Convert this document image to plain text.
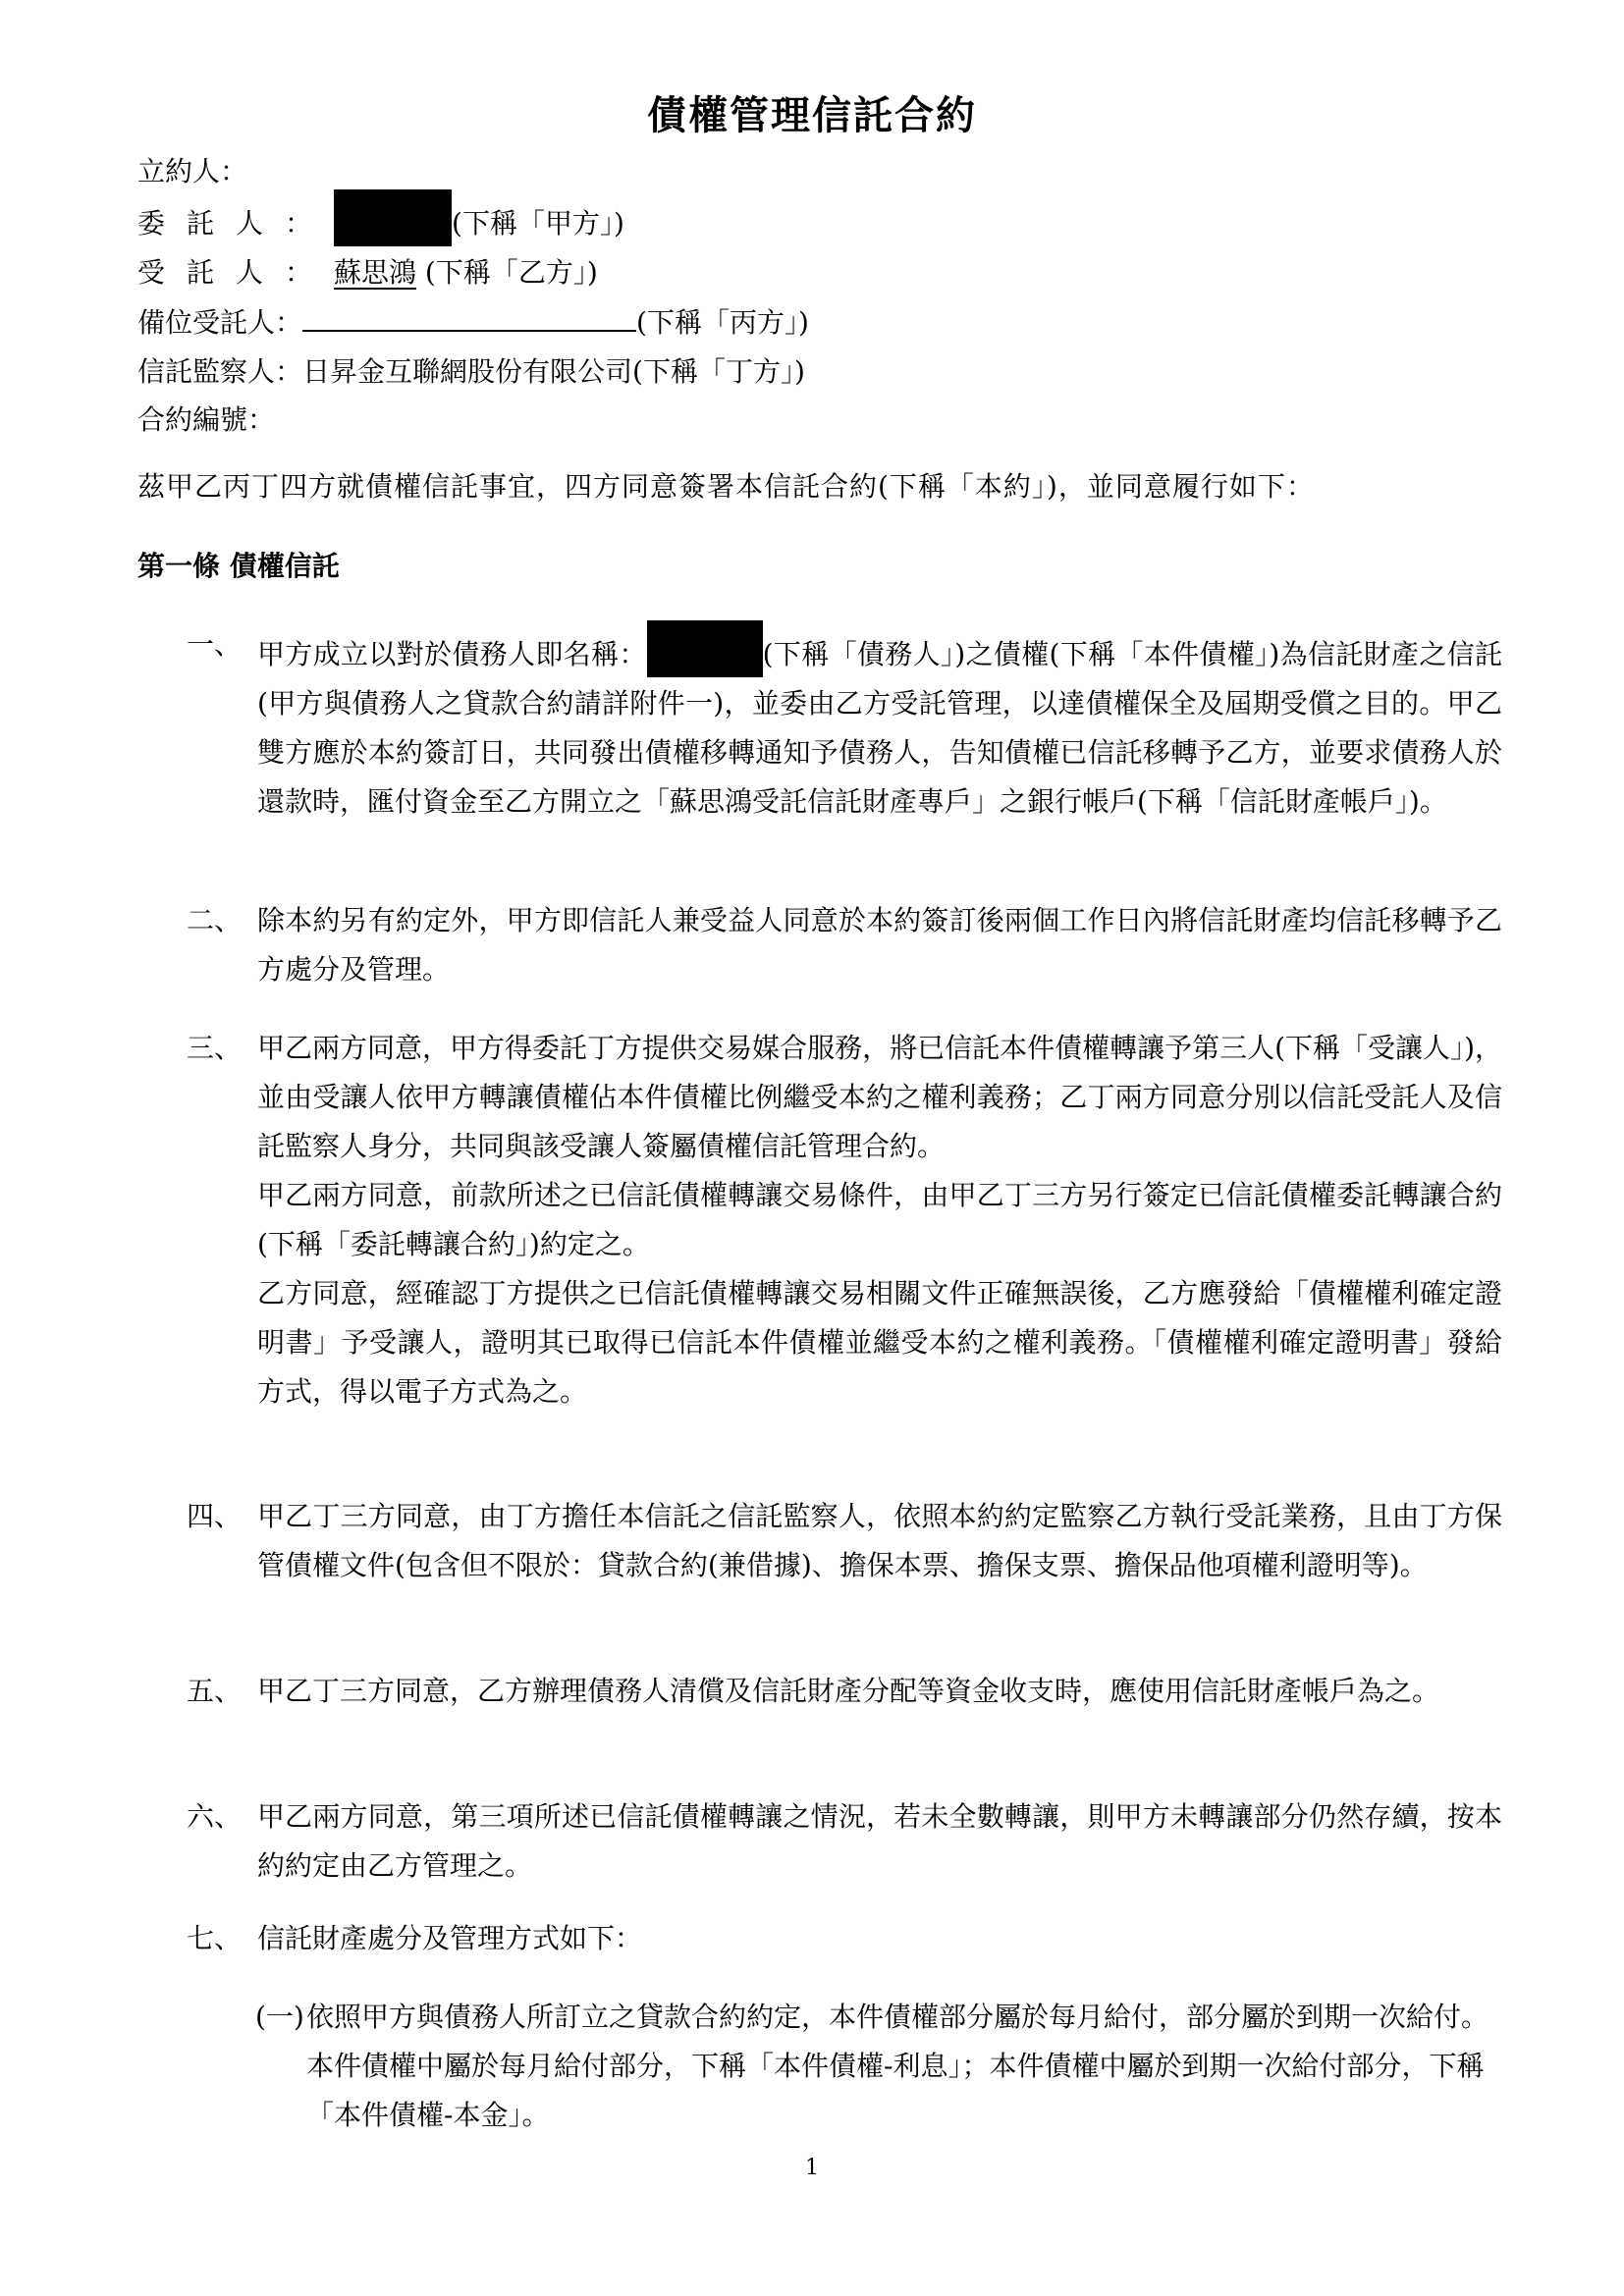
債權管理信託合約
立約人：
委託人：	(下稱「甲方」)
受託人：蘇思鴻 (下稱「乙方」)
備位受託人：	(下稱「丙方」)
信託監察人：日昇金互聯網股份有限公司(下稱「丁方」)
合約編號：
茲甲乙丙丁四方就債權信託事宜，四方同意簽署本信託合約(下稱「本約」)，並同意履行如下：
第一條 債權信託
一、 甲方成立以對於債務人即名稱：	(下稱「債務人」)之債權(下稱「本件債權」)為信託財產之信託(甲方與債務人之貸款合約請詳附件一)，並委由乙方受託管理，以達債權保全及屆期受償之目的。甲乙雙方應於本約簽訂日，共同發出債權移轉通知予債務人，告知債權已信託移轉予乙方，並要求債務人於還款時，匯付資金至乙方開立之「蘇思鴻受託信託財產專戶」之銀行帳戶(下稱「信託財產帳戶」)。
二、 除本約另有約定外，甲方即信託人兼受益人同意於本約簽訂後兩個工作日內將信託財產均信託移轉予乙方處分及管理。
三、 甲乙兩方同意，甲方得委託丁方提供交易媒合服務，將已信託本件債權轉讓予第三人(下稱「受讓人」)，並由受讓人依甲方轉讓債權佔本件債權比例繼受本約之權利義務；乙丁兩方同意分別以信託受託人及信託監察人身分，共同與該受讓人簽屬債權信託管理合約。
甲乙兩方同意，前款所述之已信託債權轉讓交易條件，由甲乙丁三方另行簽定已信託債權委託轉讓合約(下稱「委託轉讓合約」)約定之。
乙方同意，經確認丁方提供之已信託債權轉讓交易相關文件正確無誤後，乙方應發給「債權權利確定證明書」予受讓人，證明其已取得已信託本件債權並繼受本約之權利義務。「債權權利確定證明書」發給方式，得以電子方式為之。
四、 甲乙丁三方同意，由丁方擔任本信託之信託監察人，依照本約約定監察乙方執行受託業務，且由丁方保管債權文件(包含但不限於：貸款合約(兼借據)、擔保本票、擔保支票、擔保品他項權利證明等)。
五、 甲乙丁三方同意，乙方辦理債務人清償及信託財產分配等資金收支時，應使用信託財產帳戶為之。
六、 甲乙兩方同意，第三項所述已信託債權轉讓之情況，若未全數轉讓，則甲方未轉讓部分仍然存續，按本約約定由乙方管理之。
七、 信託財產處分及管理方式如下：
(一) 依照甲方與債務人所訂立之貸款合約約定，本件債權部分屬於每月給付，部分屬於到期一次給付。本件債權中屬於每月給付部分，下稱「本件債權-利息」；本件債權中屬於到期一次給付部分，下稱「本件債權-本金」。
1
